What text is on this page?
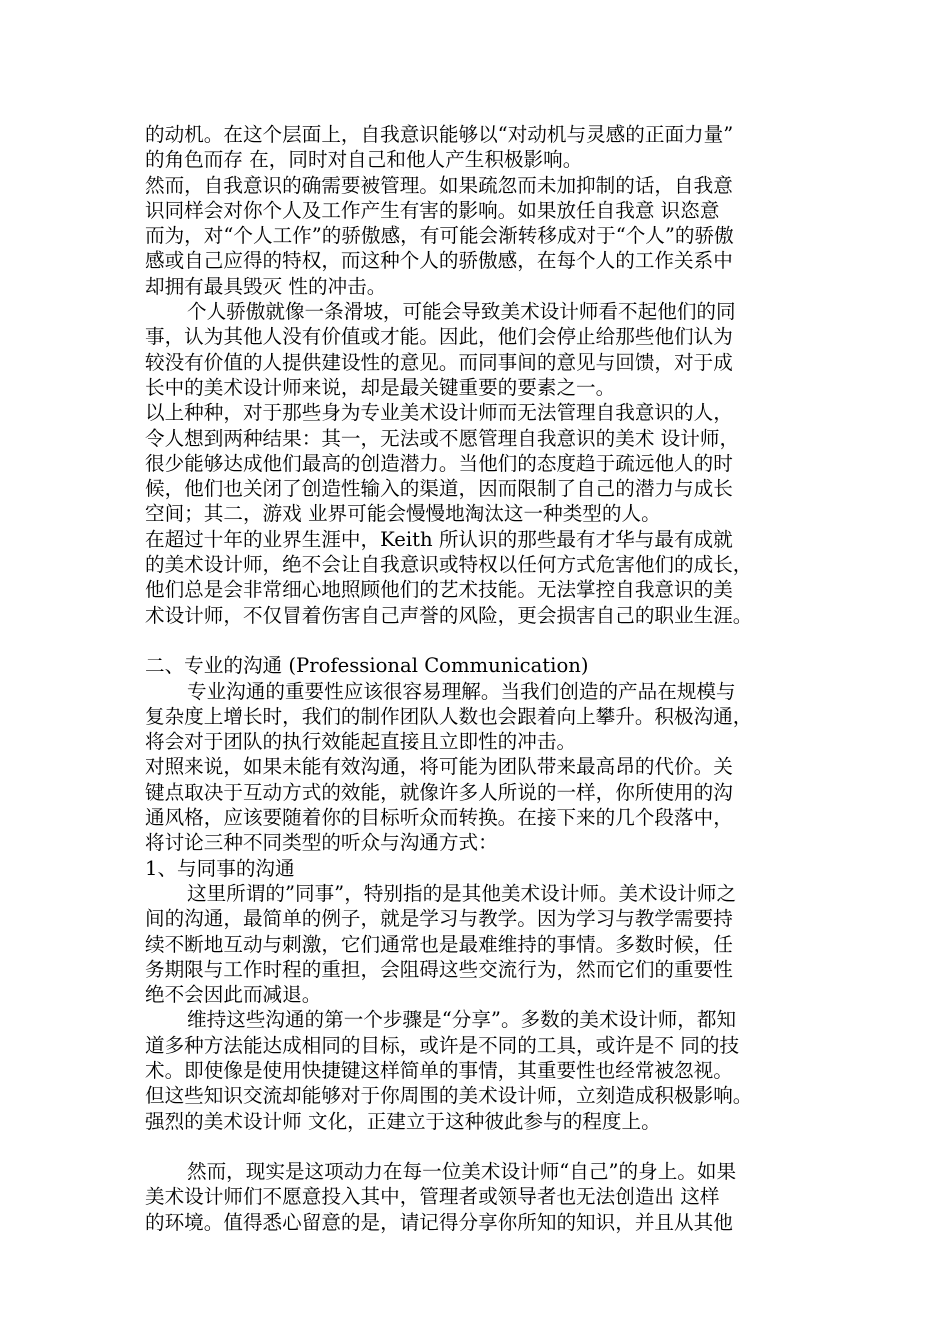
的动机。在这个层面上，自我意识能够以“对动机与灵感的正面力量”
的角色而存 在，同时对自己和他人产生积极影响。
然而，自我意识的确需要被管理。如果疏忽而未加抑制的话，自我意
识同样会对你个人及工作产生有害的影响。如果放任自我意 识恣意
而为，对“个人工作”的骄傲感，有可能会渐转移成对于“个人”的骄傲
感或自己应得的特权，而这种个人的骄傲感，在每个人的工作关系中
却拥有最具毁灭 性的冲击。
个人骄傲就像一条滑坡，可能会导致美术设计师看不起他们的同
事，认为其他人没有价值或才能。因此，他们会停止给那些他们认为
较没有价值的人提供建设性的意见。而同事间的意见与回馈，对于成
长中的美术设计师来说，却是最关键重要的要素之一。
以上种种，对于那些身为专业美术设计师而无法管理自我意识的人，
令人想到两种结果：其一，无法或不愿管理自我意识的美术 设计师，
很少能够达成他们最高的创造潜力。当他们的态度趋于疏远他人的时
候，他们也关闭了创造性输入的渠道，因而限制了自己的潜力与成长
空间；其二，游戏 业界可能会慢慢地淘汰这一种类型的人。
在超过十年的业界生涯中，Keith 所认识的那些最有才华与最有成就
的美术设计师，绝不会让自我意识或特权以任何方式危害他们的成长，
他们总是会非常细心地照顾他们的艺术技能。无法掌控自我意识的美
术设计师，不仅冒着伤害自己声誉的风险，更会损害自己的职业生涯。
二、专业的沟通 (Professional Communication)
专业沟通的重要性应该很容易理解。当我们创造的产品在规模与
复杂度上增长时，我们的制作团队人数也会跟着向上攀升。积极沟通，
将会对于团队的执行效能起直接且立即性的冲击。
对照来说，如果未能有效沟通，将可能为团队带来最高昂的代价。关
键点取决于互动方式的效能，就像许多人所说的一样，你所使用的沟
通风格，应该要随着你的目标听众而转换。在接下来的几个段落中，
将讨论三种不同类型的听众与沟通方式：
1、与同事的沟通
这里所谓的”同事”，特别指的是其他美术设计师。美术设计师之
间的沟通，最简单的例子，就是学习与教学。因为学习与教学需要持
续不断地互动与刺激，它们通常也是最难维持的事情。多数时候，任
务期限与工作时程的重担，会阻碍这些交流行为，然而它们的重要性
绝不会因此而减退。
维持这些沟通的第一个步骤是“分享”。多数的美术设计师，都知
道多种方法能达成相同的目标，或许是不同的工具，或许是不 同的技
术。即使像是使用快捷键这样简单的事情，其重要性也经常被忽视。
但这些知识交流却能够对于你周围的美术设计师，立刻造成积极影响。
强烈的美术设计师 文化，正建立于这种彼此参与的程度上。
然而，现实是这项动力在每一位美术设计师“自己”的身上。如果
美术设计师们不愿意投入其中，管理者或领导者也无法创造出 这样
的环境。值得悉心留意的是，请记得分享你所知的知识，并且从其他
